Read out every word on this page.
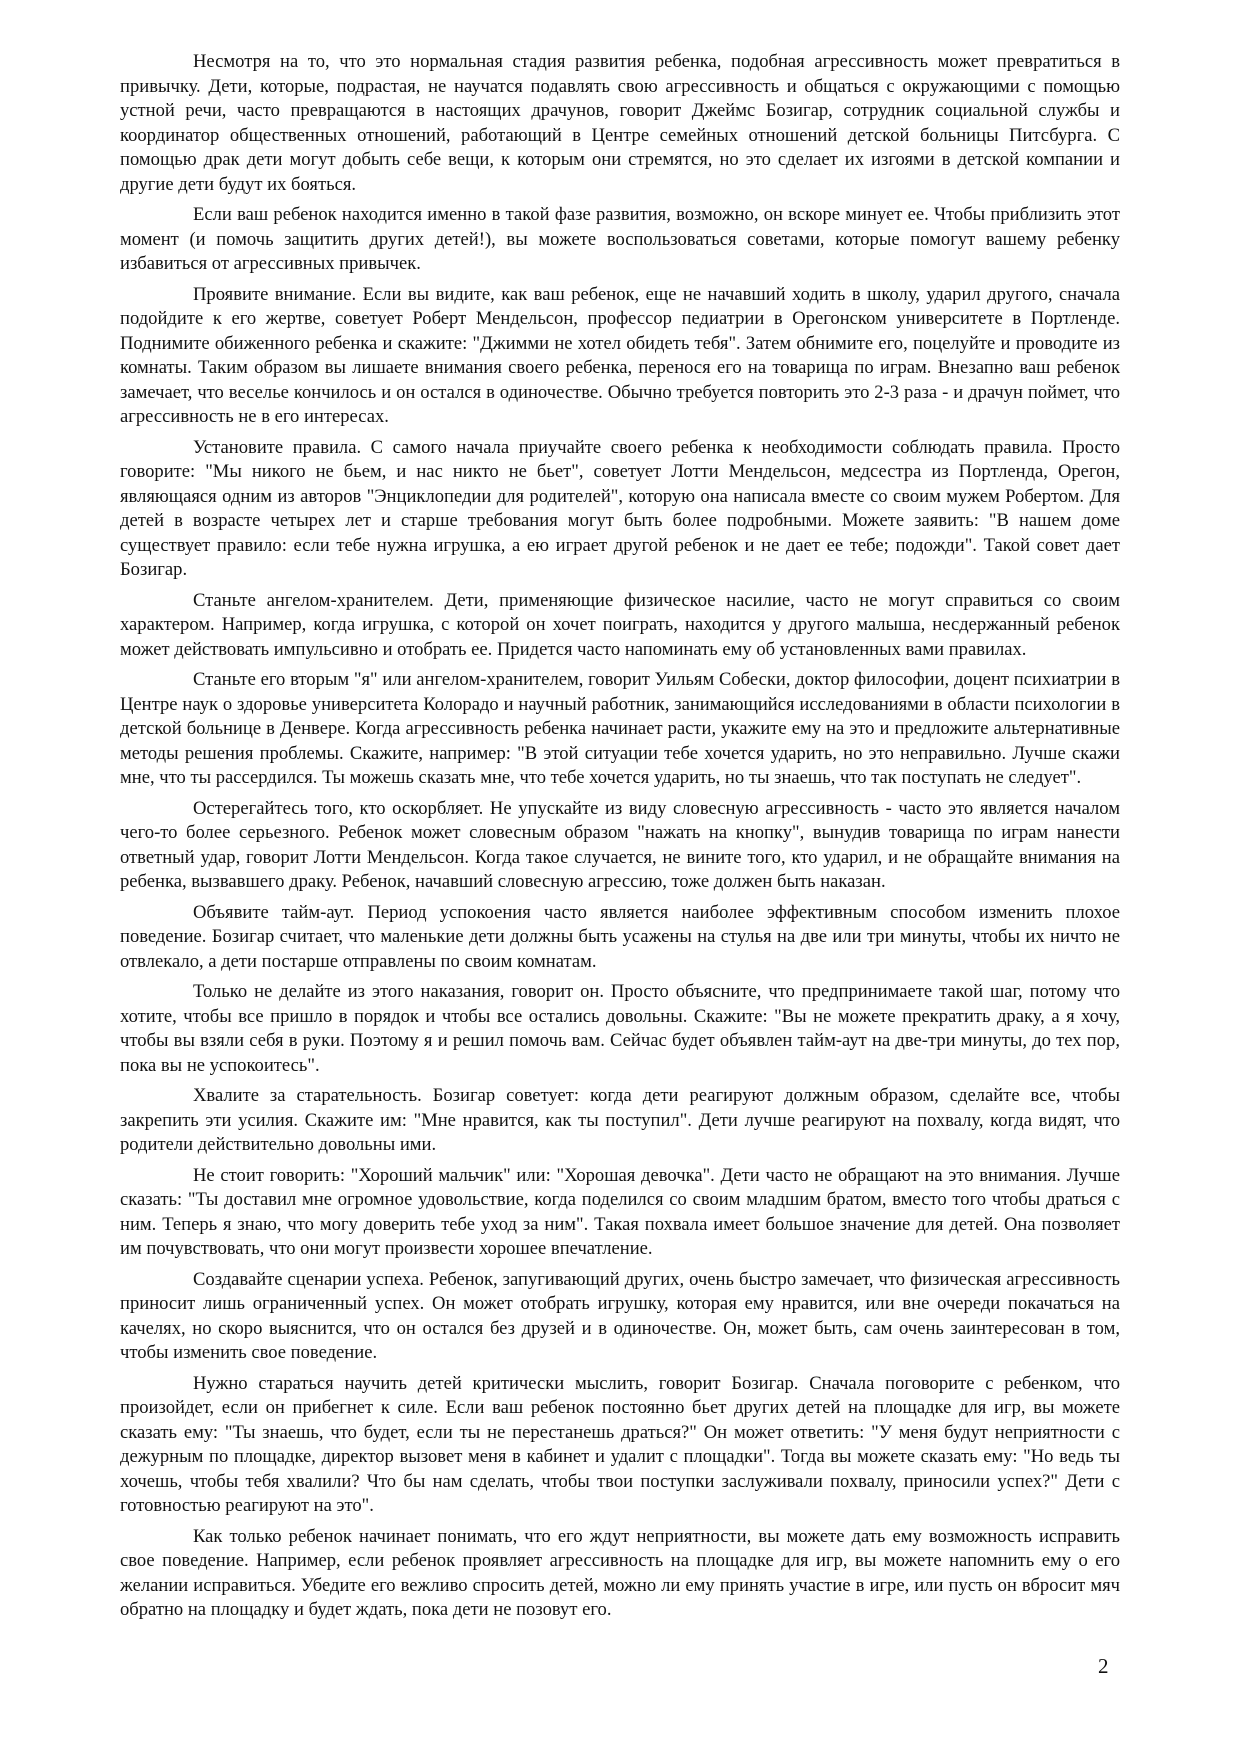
Несмотря на то, что это нормальная стадия развития ребенка, подобная агрессивность может превратиться в привычку. Дети, которые, подрастая, не научатся подавлять свою агрессивность и общаться с окружающими с помощью устной речи, часто превращаются в настоящих драчунов, говорит Джеймс Бозигар, сотрудник социальной службы и координатор общественных отношений, работающий в Центре семейных отношений детской больницы Питсбурга. С помощью драк дети могут добыть себе вещи, к которым они стремятся, но это сделает их изгоями в детской компании и другие дети будут их бояться.

Если ваш ребенок находится именно в такой фазе развития, возможно, он вскоре минует ее. Чтобы приблизить этот момент (и помочь защитить других детей!), вы можете воспользоваться советами, которые помогут вашему ребенку избавиться от агрессивных привычек.

Проявите внимание. Если вы видите, как ваш ребенок, еще не начавший ходить в школу, ударил другого, сначала подойдите к его жертве, советует Роберт Мендельсон, профессор педиатрии в Орегонском университете в Портленде. Поднимите обиженного ребенка и скажите: "Джимми не хотел обидеть тебя". Затем обнимите его, поцелуйте и проводите из комнаты. Таким образом вы лишаете внимания своего ребенка, перенося его на товарища по играм. Внезапно ваш ребенок замечает, что веселье кончилось и он остался в одиночестве. Обычно требуется повторить это 2-3 раза - и драчун поймет, что агрессивность не в его интересах.

Установите правила. С самого начала приучайте своего ребенка к необходимости соблюдать правила. Просто говорите: "Мы никого не бьем, и нас никто не бьет", советует Лотти Мендельсон, медсестра из Портленда, Орегон, являющаяся одним из авторов "Энциклопедии для родителей", которую она написала вместе со своим мужем Робертом. Для детей в возрасте четырех лет и старше требования могут быть более подробными. Можете заявить: "В нашем доме существует правило: если тебе нужна игрушка, а ею играет другой ребенок и не дает ее тебе; подожди". Такой совет дает Бозигар.

Станьте ангелом-хранителем. Дети, применяющие физическое насилие, часто не могут справиться со своим характером. Например, когда игрушка, с которой он хочет поиграть, находится у другого малыша, несдержанный ребенок может действовать импульсивно и отобрать ее. Придется часто напоминать ему об установленных вами правилах.

Станьте его вторым "я" или ангелом-хранителем, говорит Уильям Собески, доктор философии, доцент психиатрии в Центре наук о здоровье университета Колорадо и научный работник, занимающийся исследованиями в области психологии в детской больнице в Денвере. Когда агрессивность ребенка начинает расти, укажите ему на это и предложите альтернативные методы решения проблемы. Скажите, например: "В этой ситуации тебе хочется ударить, но это неправильно. Лучше скажи мне, что ты рассердился. Ты можешь сказать мне, что тебе хочется ударить, но ты знаешь, что так поступать не следует".

Остерегайтесь того, кто оскорбляет. Не упускайте из виду словесную агрессивность - часто это является началом чего-то более серьезного. Ребенок может словесным образом "нажать на кнопку", вынудив товарища по играм нанести ответный удар, говорит Лотти Мендельсон. Когда такое случается, не вините того, кто ударил, и не обращайте внимания на ребенка, вызвавшего драку. Ребенок, начавший словесную агрессию, тоже должен быть наказан.

Объявите тайм-аут. Период успокоения часто является наиболее эффективным способом изменить плохое поведение. Бозигар считает, что маленькие дети должны быть усажены на стулья на две или три минуты, чтобы их ничто не отвлекало, а дети постарше отправлены по своим комнатам.

Только не делайте из этого наказания, говорит он. Просто объясните, что предпринимаете такой шаг, потому что хотите, чтобы все пришло в порядок и чтобы все остались довольны. Скажите: "Вы не можете прекратить драку, а я хочу, чтобы вы взяли себя в руки. Поэтому я и решил помочь вам. Сейчас будет объявлен тайм-аут на две-три минуты, до тех пор, пока вы не успокоитесь".

Хвалите за старательность. Бозигар советует: когда дети реагируют должным образом, сделайте все, чтобы закрепить эти усилия. Скажите им: "Мне нравится, как ты поступил". Дети лучше реагируют на похвалу, когда видят, что родители действительно довольны ими.

Не стоит говорить: "Хороший мальчик" или: "Хорошая девочка". Дети часто не обращают на это внимания. Лучше сказать: "Ты доставил мне огромное удовольствие, когда поделился со своим младшим братом, вместо того чтобы драться с ним. Теперь я знаю, что могу доверить тебе уход за ним". Такая похвала имеет большое значение для детей. Она позволяет им почувствовать, что они могут произвести хорошее впечатление.

Создавайте сценарии успеха. Ребенок, запугивающий других, очень быстро замечает, что физическая агрессивность приносит лишь ограниченный успех. Он может отобрать игрушку, которая ему нравится, или вне очереди покачаться на качелях, но скоро выяснится, что он остался без друзей и в одиночестве. Он, может быть, сам очень заинтересован в том, чтобы изменить свое поведение.

Нужно стараться научить детей критически мыслить, говорит Бозигар. Сначала поговорите с ребенком, что произойдет, если он прибегнет к силе. Если ваш ребенок постоянно бьет других детей на площадке для игр, вы можете сказать ему: "Ты знаешь, что будет, если ты не перестанешь драться?" Он может ответить: "У меня будут неприятности с дежурным по площадке, директор вызовет меня в кабинет и удалит с площадки". Тогда вы можете сказать ему: "Но ведь ты хочешь, чтобы тебя хвалили? Что бы нам сделать, чтобы твои поступки заслуживали похвалу, приносили успех?" Дети с готовностью реагируют на это".

Как только ребенок начинает понимать, что его ждут неприятности, вы можете дать ему возможность исправить свое поведение. Например, если ребенок проявляет агрессивность на площадке для игр, вы можете напомнить ему о его желании исправиться. Убедите его вежливо спросить детей, можно ли ему принять участие в игре, или пусть он вбросит мяч обратно на площадку и будет ждать, пока дети не позовут его.

2
